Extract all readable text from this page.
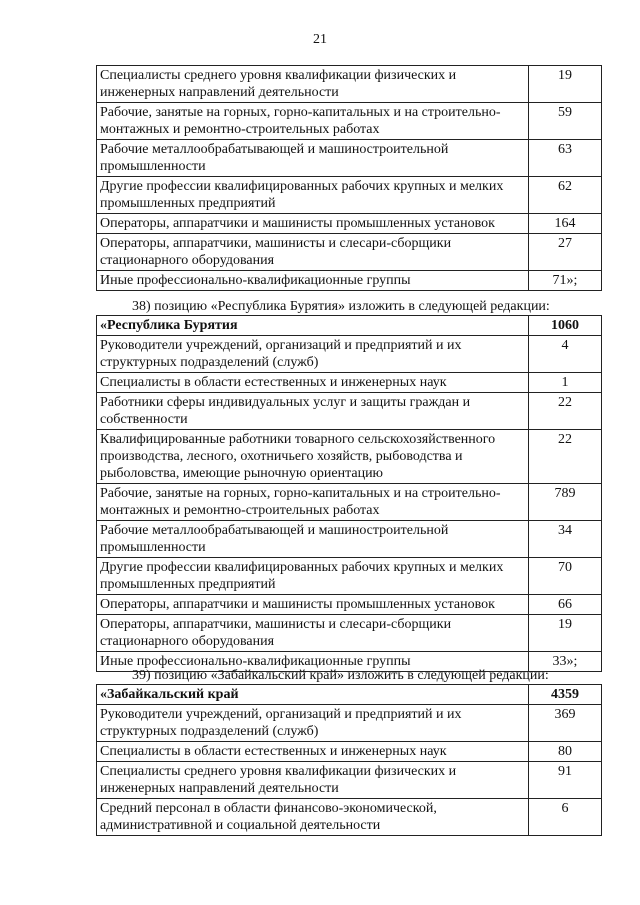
21
Специалисты среднего уровня квалификации физических и инженерных направлений деятельности	19
Рабочие, занятые на горных, горно-капитальных и на строительно-монтажных и ремонтно-строительных работах	59
Рабочие металлообрабатывающей и машиностроительной промышленности	63
Другие профессии квалифицированных рабочих крупных и мелких промышленных предприятий	62
Операторы, аппаратчики и машинисты промышленных установок	164
Операторы, аппаратчики, машинисты и слесари-сборщики стационарного оборудования	27
Иные профессионально-квалификационные группы	71»;
38) позицию «Республика Бурятия» изложить в следующей редакции:
«Республика Бурятия	1060
Руководители учреждений, организаций и предприятий и их структурных подразделений (служб)	4
Специалисты в области естественных и инженерных наук	1
Работники сферы индивидуальных услуг и защиты граждан и собственности	22
Квалифицированные работники товарного сельскохозяйственного производства, лесного, охотничьего хозяйств, рыбоводства и рыболовства, имеющие рыночную ориентацию	22
Рабочие, занятые на горных, горно-капитальных и на строительно-монтажных и ремонтно-строительных работах	789
Рабочие металлообрабатывающей и машиностроительной промышленности	34
Другие профессии квалифицированных рабочих крупных и мелких промышленных предприятий	70
Операторы, аппаратчики и машинисты промышленных установок	66
Операторы, аппаратчики, машинисты и слесари-сборщики стационарного оборудования	19
Иные профессионально-квалификационные группы	33»;
39) позицию «Забайкальский край» изложить в следующей редакции:
«Забайкальский край	4359
Руководители учреждений, организаций и предприятий и их структурных подразделений (служб)	369
Специалисты в области естественных и инженерных наук	80
Специалисты среднего уровня квалификации физических и инженерных направлений деятельности	91
Средний персонал в области финансово-экономической, административной и социальной деятельности	6
